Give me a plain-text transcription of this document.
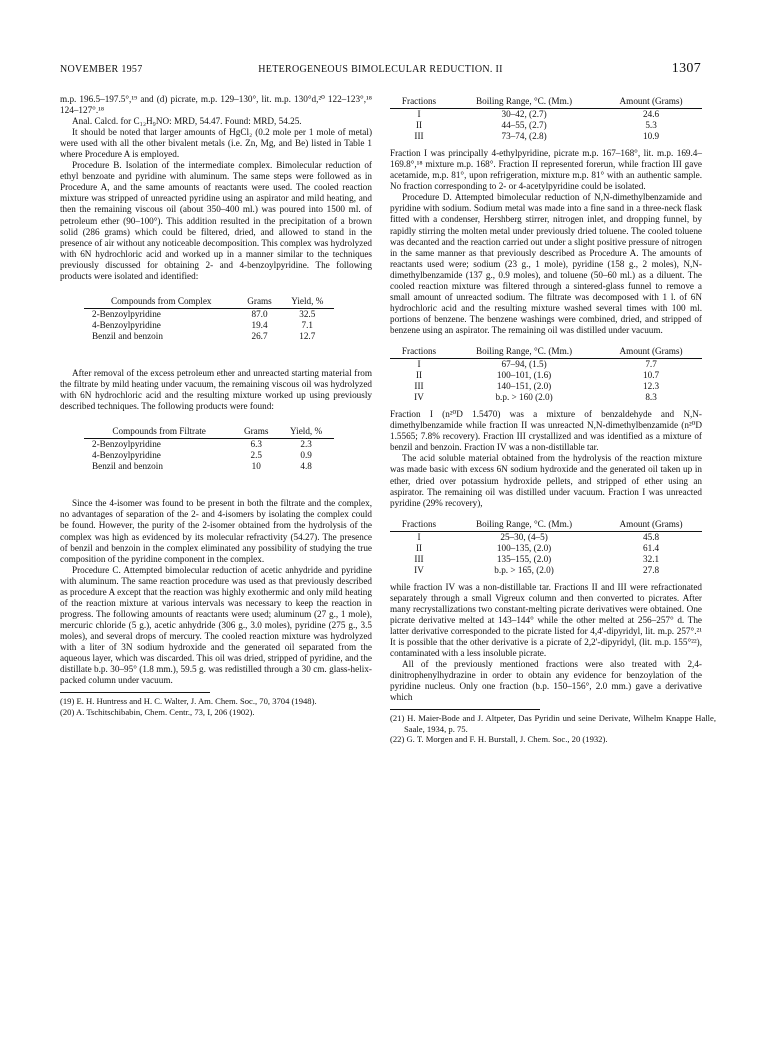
NOVEMBER 1957	HETEROGENEOUS BIMOLECULAR REDUCTION. II	1307

m.p. 196.5–197.5°,¹⁹ and (d) picrate, m.p. 129–130°, lit. m.p. 130°d,²⁰ 122–123°,¹⁸ 124–127°.¹⁸

Anal. Calcd. for C₁₂H₉NO: MRD, 54.47. Found: MRD, 54.25.

It should be noted that larger amounts of HgCl₂ (0.2 mole per 1 mole of metal) were used with all the other bivalent metals (i.e. Zn, Mg, and Be) listed in Table 1 where Procedure A is employed.

Procedure B. Isolation of the intermediate complex. Bimolecular reduction of ethyl benzoate and pyridine with aluminum. The same steps were followed as in Procedure A, and the same amounts of reactants were used. The cooled reaction mixture was stripped of unreacted pyridine using an aspirator and mild heating, and then the remaining viscous oil (about 350–400 ml.) was poured into 1500 ml. of petroleum ether (90–100°). This addition resulted in the precipitation of a brown solid (286 grams) which could be filtered, dried, and allowed to stand in the presence of air without any noticeable decomposition. This complex was hydrolyzed with 6N hydrochloric acid and worked up in a manner similar to the techniques previously discussed for obtaining 2- and 4-benzoylpyridine. The following products were isolated and identified:

Compounds from Complex	Grams	Yield, %
2-Benzoylpyridine	87.0	32.5
4-Benzoylpyridine	19.4	7.1
Benzil and benzoin	26.7	12.7

After removal of the excess petroleum ether and unreacted starting material from the filtrate by mild heating under vacuum, the remaining viscous oil was hydrolyzed with 6N hydrochloric acid and the resulting mixture worked up using previously described techniques. The following products were found:

Compounds from Filtrate	Grams	Yield, %
2-Benzoylpyridine	6.3	2.3
4-Benzoylpyridine	2.5	0.9
Benzil and benzoin	10	4.8

Since the 4-isomer was found to be present in both the filtrate and the complex, no advantages of separation of the 2- and 4-isomers by isolating the complex could be found. However, the purity of the 2-isomer obtained from the hydrolysis of the complex was high as evidenced by its molecular refractivity (54.27). The presence of benzil and benzoin in the complex eliminated any possibility of studying the true composition of the pyridine component in the complex.

Procedure C. Attempted bimolecular reduction of acetic anhydride and pyridine with aluminum. The same reaction procedure was used as that previously described as procedure A except that the reaction was highly exothermic and only mild heating of the reaction mixture at various intervals was necessary to keep the reaction in progress. The following amounts of reactants were used; aluminum (27 g., 1 mole), mercuric chloride (5 g.), acetic anhydride (306 g., 3.0 moles), pyridine (275 g., 3.5 moles), and several drops of mercury. The cooled reaction mixture was hydrolyzed with a liter of 3N sodium hydroxide and the generated oil separated from the aqueous layer, which was discarded. This oil was dried, stripped of pyridine, and the distillate b.p. 30–95° (1.8 mm.), 59.5 g. was redistilled through a 30 cm. glass-helix-packed column under vacuum.

(19) E. H. Huntress and H. C. Walter, J. Am. Chem. Soc., 70, 3704 (1948).

(20) A. Tschitschibabin, Chem. Centr., 73, I, 206 (1902).

Fractions	Boiling Range, °C. (Mm.)	Amount (Grams)
I	30–42, (2.7)	24.6
II	44–55, (2.7)	5.3
III	73–74, (2.8)	10.9

Fraction I was principally 4-ethylpyridine, picrate m.p. 167–168°, lit. m.p. 169.4–169.8°,¹⁸ mixture m.p. 168°. Fraction II represented forerun, while fraction III gave acetamide, m.p. 81°, upon refrigeration, mixture m.p. 81° with an authentic sample. No fraction corresponding to 2- or 4-acetylpyridine could be isolated.

Procedure D. Attempted bimolecular reduction of N,N-dimethylbenzamide and pyridine with sodium. Sodium metal was made into a fine sand in a three-neck flask fitted with a condenser, Hershberg stirrer, nitrogen inlet, and dropping funnel, by rapidly stirring the molten metal under previously dried toluene. The cooled toluene was decanted and the reaction carried out under a slight positive pressure of nitrogen in the same manner as that previously described as Procedure A. The amounts of reactants used were; sodium (23 g., 1 mole), pyridine (158 g., 2 moles), N,N-dimethylbenzamide (137 g., 0.9 moles), and toluene (50–60 ml.) as a diluent. The cooled reaction mixture was filtered through a sintered-glass funnel to remove a small amount of unreacted sodium. The filtrate was decomposed with 1 l. of 6N hydrochloric acid and the resulting mixture washed several times with 100 ml. portions of benzene. The benzene washings were combined, dried, and stripped of benzene using an aspirator. The remaining oil was distilled under vacuum.

Fractions	Boiling Range, °C. (Mm.)	Amount (Grams)
I	67–94, (1.5)	7.7
II	100–101, (1.6)	10.7
III	140–151, (2.0)	12.3
IV	b.p. > 160 (2.0)	8.3

Fraction I (n²⁰D 1.5470) was a mixture of benzaldehyde and N,N-dimethylbenzamide while fraction II was unreacted N,N-dimethylbenzamide (n²⁰D 1.5565; 7.8% recovery). Fraction III crystallized and was identified as a mixture of benzil and benzoin. Fraction IV was a non-distillable tar.

The acid soluble material obtained from the hydrolysis of the reaction mixture was made basic with excess 6N sodium hydroxide and the generated oil taken up in ether, dried over potassium hydroxide pellets, and stripped of ether using an aspirator. The remaining oil was distilled under vacuum. Fraction I was unreacted pyridine (29% recovery),

Fractions	Boiling Range, °C. (Mm.)	Amount (Grams)
I	25–30, (4–5)	45.8
II	100–135, (2.0)	61.4
III	135–155, (2.0)	32.1
IV	b.p. > 165, (2.0)	27.8

while fraction IV was a non-distillable tar. Fractions II and III were refractionated separately through a small Vigreux column and then converted to picrates. After many recrystallizations two constant-melting picrate derivatives were obtained. One picrate derivative melted at 143–144° while the other melted at 256–257° d. The latter derivative corresponded to the picrate listed for 4,4'-dipyridyl, lit. m.p. 257°.²¹ It is possible that the other derivative is a picrate of 2,2'-dipyridyl, (lit. m.p. 155°²²), contaminated with a less insoluble picrate.

All of the previously mentioned fractions were also treated with 2,4-dinitrophenylhydrazine in order to obtain any evidence for benzoylation of the pyridine nucleus. Only one fraction (b.p. 150–156°, 2.0 mm.) gave a derivative which

(21) H. Maier-Bode and J. Altpeter, Das Pyridin und seine Derivate, Wilhelm Knappe Halle, Saale, 1934, p. 75.

(22) G. T. Morgen and F. H. Burstall, J. Chem. Soc., 20 (1932).
